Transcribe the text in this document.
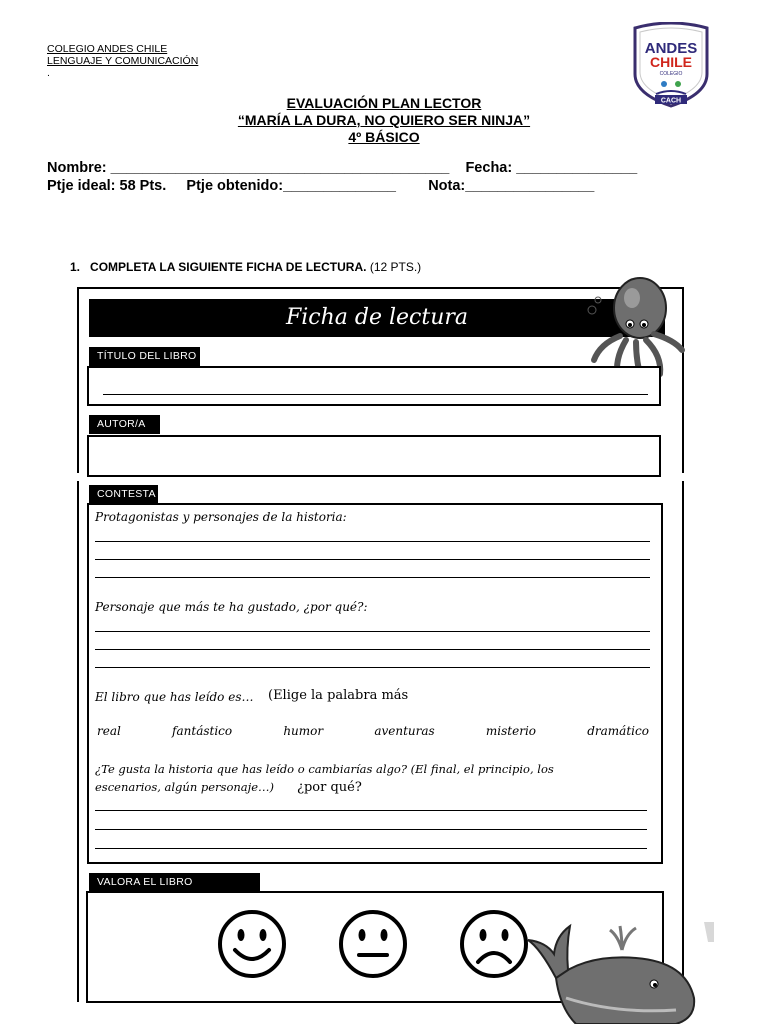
COLEGIO ANDES CHILE
LENGUAJE Y COMUNICACIÓN
.
ANDES
CHILE
COLEGIO
CACH
EVALUACIÓN PLAN LECTOR
“MARÍA LA DURA, NO QUIERO SER NINJA”
4º BÁSICO
Nombre: __________________________________________    Fecha: _______________
Ptje ideal: 58 Pts.     Ptje obtenido:______________        Nota:________________
1. COMPLETA LA SIGUIENTE FICHA DE LECTURA. (12 PTS.)
Ficha de lectura
TÍTULO DEL LIBRO
AUTOR/A
CONTESTA
Protagonistas y personajes de la historia:
Personaje que más te ha gustado, ¿por qué?:
El libro que has leído es… (Elige la palabra más
real	fantástico	humor	aventuras	misterio	dramático
¿Te gusta la historia que has leído o cambiarías algo? (El final, el principio, los
escenarios, algún personaje…) ¿por qué?
VALORA EL LIBRO
